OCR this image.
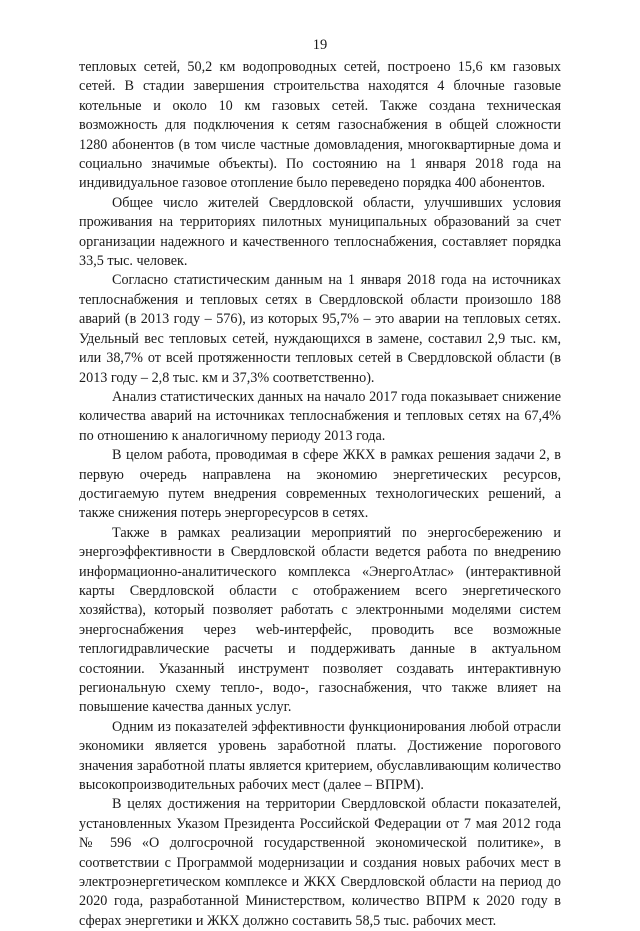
19

тепловых сетей, 50,2 км водопроводных сетей, построено 15,6 км газовых сетей. В стадии завершения строительства находятся 4 блочные газовые котельные и около 10 км газовых сетей. Также создана техническая возможность для подключения к сетям газоснабжения в общей сложности 1280 абонентов (в том числе частные домовладения, многоквартирные дома и социально значимые объекты). По состоянию на 1 января 2018 года на индивидуальное газовое отопление было переведено порядка 400 абонентов.

Общее число жителей Свердловской области, улучшивших условия проживания на территориях пилотных муниципальных образований за счет организации надежного и качественного теплоснабжения, составляет порядка 33,5 тыс. человек.

Согласно статистическим данным на 1 января 2018 года на источниках теплоснабжения и тепловых сетях в Свердловской области произошло 188 аварий (в 2013 году – 576), из которых 95,7% – это аварии на тепловых сетях. Удельный вес тепловых сетей, нуждающихся в замене, составил 2,9 тыс. км, или 38,7% от всей протяженности тепловых сетей в Свердловской области (в 2013 году – 2,8 тыс. км и 37,3% соответственно).

Анализ статистических данных на начало 2017 года показывает снижение количества аварий на источниках теплоснабжения и тепловых сетях на 67,4% по отношению к аналогичному периоду 2013 года.

В целом работа, проводимая в сфере ЖКХ в рамках решения задачи 2, в первую очередь направлена на экономию энергетических ресурсов, достигаемую путем внедрения современных технологических решений, а также снижения потерь энергоресурсов в сетях.

Также в рамках реализации мероприятий по энергосбережению и энергоэффективности в Свердловской области ведется работа по внедрению информационно-аналитического комплекса «ЭнергоАтлас» (интерактивной карты Свердловской области с отображением всего энергетического хозяйства), который позволяет работать с электронными моделями систем энергоснабжения через web-интерфейс, проводить все возможные теплогидравлические расчеты и поддерживать данные в актуальном состоянии. Указанный инструмент позволяет создавать интерактивную региональную схему тепло-, водо-, газоснабжения, что также влияет на повышение качества данных услуг.

Одним из показателей эффективности функционирования любой отрасли экономики является уровень заработной платы. Достижение порогового значения заработной платы является критерием, обуславливающим количество высокопроизводительных рабочих мест (далее – ВПРМ).

В целях достижения на территории Свердловской области показателей, установленных Указом Президента Российской Федерации от 7 мая 2012 года № 596 «О долгосрочной государственной экономической политике», в соответствии с Программой модернизации и создания новых рабочих мест в электроэнергетическом комплексе и ЖКХ Свердловской области на период до 2020 года, разработанной Министерством, количество ВПРМ к 2020 году в сферах энергетики и ЖКХ должно составить 58,5 тыс. рабочих мест.
